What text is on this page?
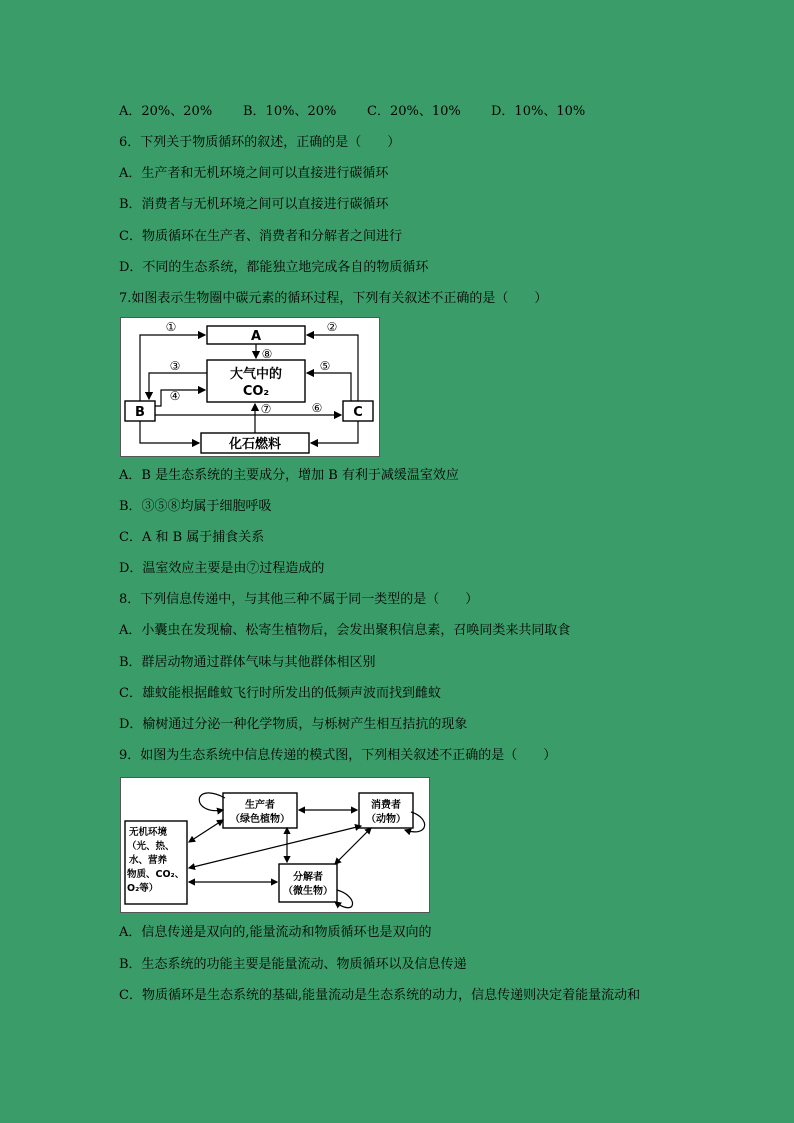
A．20%、20% B．10%、20% C．20%、10% D．10%、10%
6．下列关于物质循环的叙述，正确的是（　　）
A．生产者和无机环境之间可以直接进行碳循环
B．消费者与无机环境之间可以直接进行碳循环
C．物质循环在生产者、消费者和分解者之间进行
D．不同的生态系统，都能独立地完成各自的物质循环
7.如图表示生物圈中碳元素的循环过程，下列有关叙述不正确的是（　　）
A
大气中的
CO₂
B	C
化石燃料
①	②
⑧
③
④
⑤
⑥
⑦
A．B 是生态系统的主要成分，增加 B 有利于减缓温室效应
B．③⑤⑧均属于细胞呼吸
C．A 和 B 属于捕食关系
D．温室效应主要是由⑦过程造成的
8．下列信息传递中，与其他三种不属于同一类型的是（　　）
A．小囊虫在发现榆、松寄生植物后，会发出聚积信息素，召唤同类来共同取食
B．群居动物通过群体气味与其他群体相区别
C．雄蚊能根据雌蚊飞行时所发出的低频声波而找到雌蚊
D．榆树通过分泌一种化学物质，与栎树产生相互拮抗的现象
9．如图为生态系统中信息传递的模式图，下列相关叙述不正确的是（　　）
生产者
（绿色植物）
消费者
（动物）
分解者
（微生物）
无机环境
（光、热、
水、营养
物质、CO₂、
O₂等）
A．信息传递是双向的,能量流动和物质循环也是双向的
B．生态系统的功能主要是能量流动、物质循环以及信息传递
C．物质循环是生态系统的基础,能量流动是生态系统的动力，信息传递则决定着能量流动和
